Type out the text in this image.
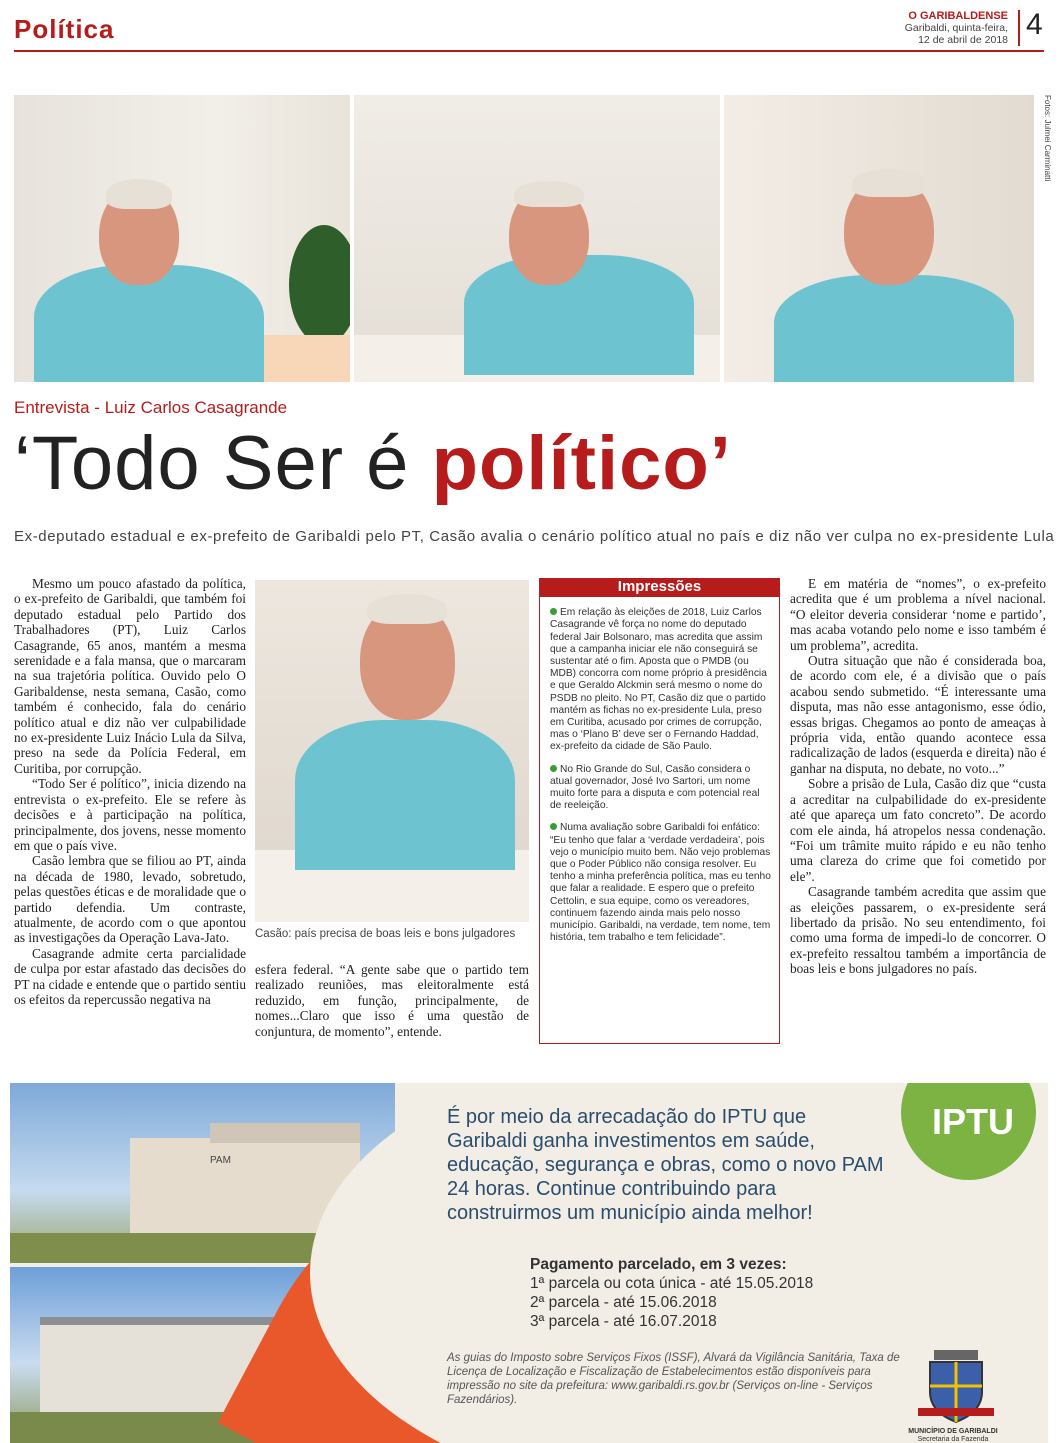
Política	O GARIBALDENSE
Garibaldi, quinta-feira,
12 de abril de 2018 4
Fotos: Julmei Carminatti
Entrevista - Luiz Carlos Casagrande
‘Todo Ser é político’
Ex-deputado estadual e ex-prefeito de Garibaldi pelo PT, Casão avalia o cenário político atual no país e diz não ver culpa no ex-presidente Lula

Mesmo um pouco afastado da política, o ex-prefeito de Garibaldi, que também foi deputado estadual pelo Partido dos Trabalhadores (PT), Luiz Carlos Casagrande, 65 anos, mantém a mesma serenidade e a fala mansa, que o marcaram na sua trajetória política. Ouvido pelo O Garibaldense, nesta semana, Casão, como também é conhecido, fala do cenário político atual e diz não ver culpabilidade no ex-presidente Luiz Inácio Lula da Silva, preso na sede da Polícia Federal, em Curitiba, por corrupção.

“Todo Ser é político”, inicia dizendo na entrevista o ex-prefeito. Ele se refere às decisões e à participação na política, principalmente, dos jovens, nesse momento em que o país vive.

Casão lembra que se filiou ao PT, ainda na década de 1980, levado, sobretudo, pelas questões éticas e de moralidade que o partido defendia. Um contraste, atualmente, de acordo com o que apontou as investigações da Operação Lava-Jato.

Casagrande admite certa parcialidade de culpa por estar afastado das decisões do PT na cidade e entende que o partido sentiu os efeitos da repercussão negativa na

Casão: país precisa de boas leis e bons julgadores

esfera federal. “A gente sabe que o partido tem realizado reuniões, mas eleitoralmente está reduzido, em função, principalmente, de nomes...Claro que isso é uma questão de conjuntura, de momento”, entende.

Impressões
Em relação às eleições de 2018, Luiz Carlos Casagrande vê força no nome do deputado federal Jair Bolsonaro, mas acredita que assim que a campanha iniciar ele não conseguirá se sustentar até o fim. Aposta que o PMDB (ou MDB) concorra com nome próprio à presidência e que Geraldo Alckmin será mesmo o nome do PSDB no pleito. No PT, Casão diz que o partido mantém as fichas no ex-presidente Lula, preso em Curitiba, acusado por crimes de corrupção, mas o ‘Plano B’ deve ser o Fernando Haddad, ex-prefeito da cidade de São Paulo.
No Rio Grande do Sul, Casão considera o atual governador, José Ivo Sartori, um nome muito forte para a disputa e com potencial real de reeleição.
Numa avaliação sobre Garibaldi foi enfático: “Eu tenho que falar a ‘verdade verdadeira’, pois vejo o município muito bem. Não vejo problemas que o Poder Público não consiga resolver. Eu tenho a minha preferência política, mas eu tenho que falar a realidade. E espero que o prefeito Cettolin, e sua equipe, como os vereadores, continuem fazendo ainda mais pelo nosso município. Garibaldi, na verdade, tem nome, tem história, tem trabalho e tem felicidade”.

E em matéria de “nomes”, o ex-prefeito acredita que é um problema a nível nacional. “O eleitor deveria considerar ‘nome e partido’, mas acaba votando pelo nome e isso também é um problema”, acredita.

Outra situação que não é considerada boa, de acordo com ele, é a divisão que o país acabou sendo submetido. “É interessante uma disputa, mas não esse antagonismo, esse ódio, essas brigas. Chegamos ao ponto de ameaças à própria vida, então quando acontece essa radicalização de lados (esquerda e direita) não é ganhar na disputa, no debate, no voto...”

Sobre a prisão de Lula, Casão diz que “custa a acreditar na culpabilidade do ex-presidente até que apareça um fato concreto”. De acordo com ele ainda, há atropelos nessa condenação. “Foi um trâmite muito rápido e eu não tenho uma clareza do crime que foi cometido por ele”.

Casagrande também acredita que assim que as eleições passarem, o ex-presidente será libertado da prisão. No seu entendimento, foi como uma forma de impedi-lo de concorrer. O ex-prefeito ressaltou também a importância de boas leis e bons julgadores no país.

PAM
IPTU
É por meio da arrecadação do IPTU que Garibaldi ganha investimentos em saúde, educação, segurança e obras, como o novo PAM 24 horas. Continue contribuindo para construirmos um município ainda melhor!
Pagamento parcelado, em 3 vezes:
1ª parcela ou cota única - até 15.05.2018
2ª parcela - até 15.06.2018
3ª parcela - até 16.07.2018
As guias do Imposto sobre Serviços Fixos (ISSF), Alvará da Vigilância Sanitária, Taxa de Licença de Localização e Fiscalização de Estabelecimentos estão disponíveis para impressão no site da prefeitura: www.garibaldi.rs.gov.br (Serviços on-line - Serviços Fazendários).
MUNICÍPIO DE GARIBALDI
Secretaria da Fazenda
